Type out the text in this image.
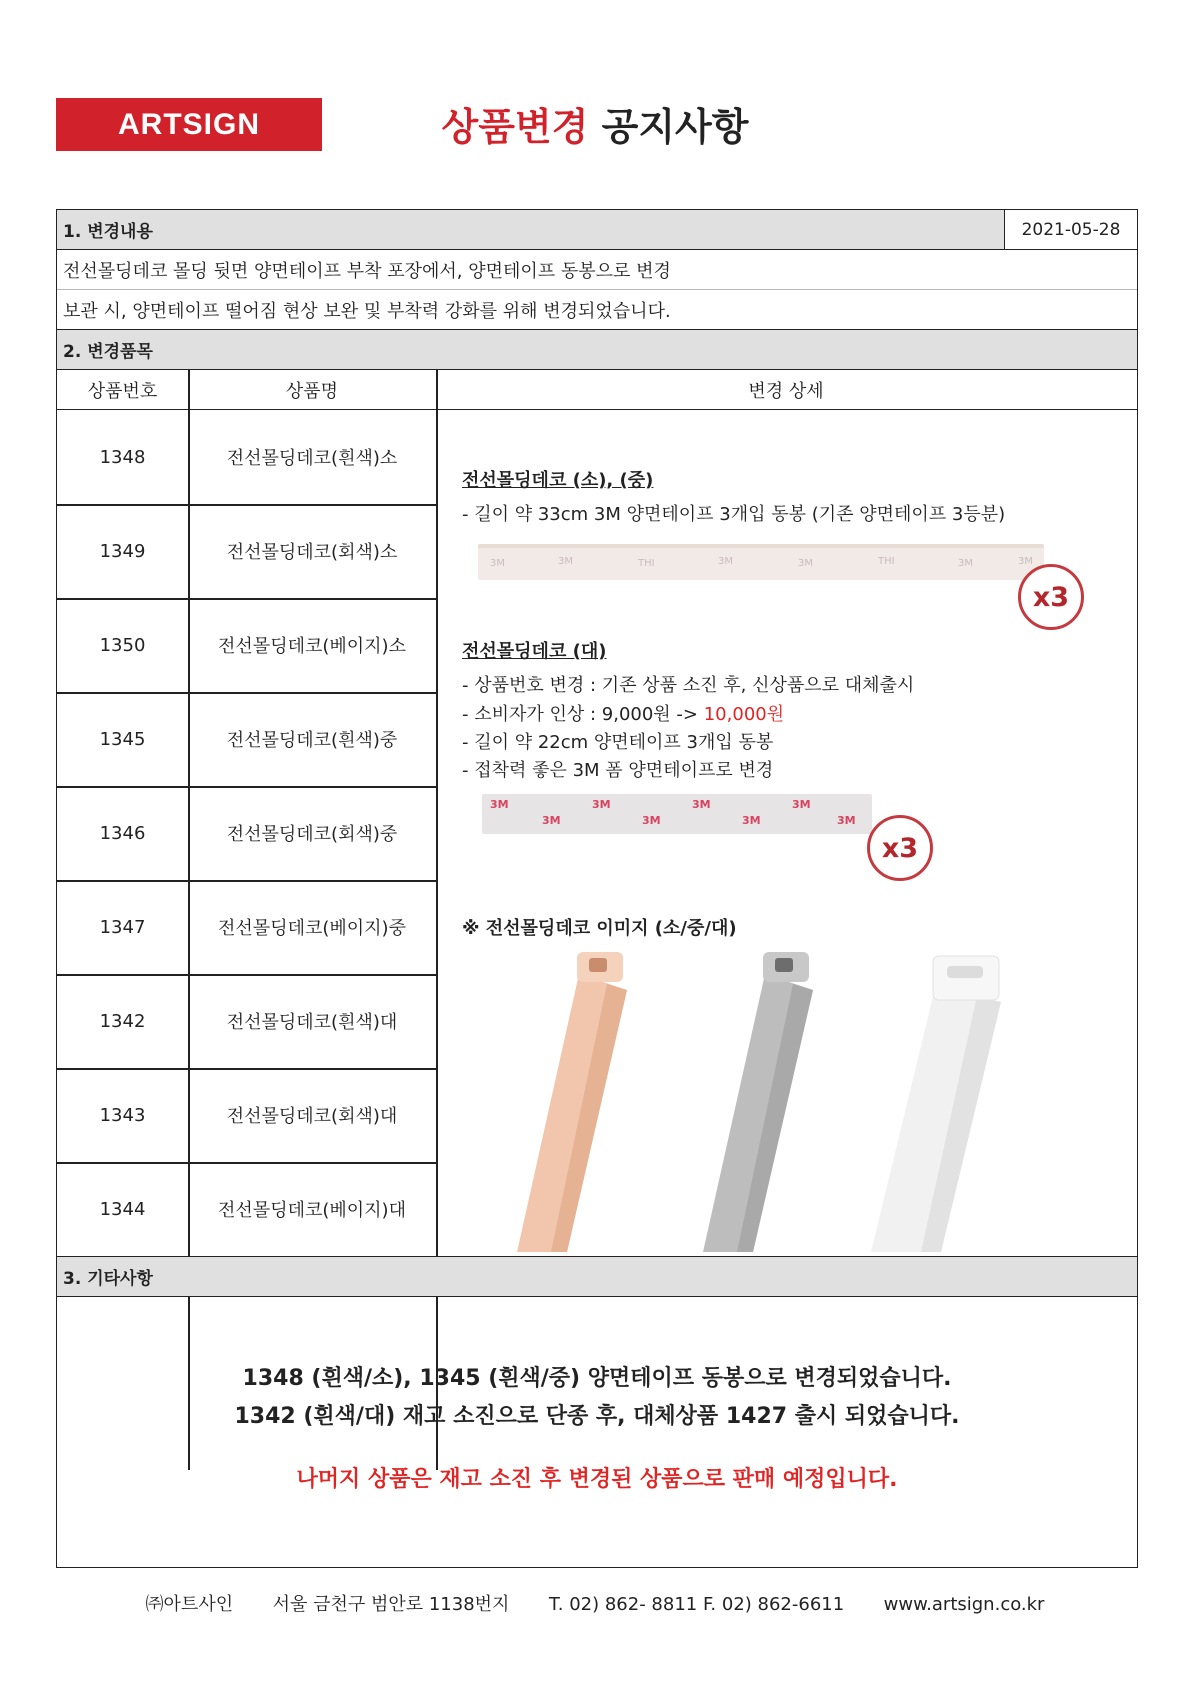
ARTSIGN	상품변경 공지사항
1. 변경내용	2021-05-28
전선몰딩데코 몰딩 뒷면 양면테이프 부착 포장에서, 양면테이프 동봉으로 변경
보관 시, 양면테이프 떨어짐 현상 보완 및 부착력 강화를 위해 변경되었습니다.
2. 변경품목
상품번호	상품명	변경 상세
1348	전선몰딩데코(흰색)소
1349	전선몰딩데코(회색)소
1350	전선몰딩데코(베이지)소
1345	전선몰딩데코(흰색)중
1346	전선몰딩데코(회색)중
1347	전선몰딩데코(베이지)중
1342	전선몰딩데코(흰색)대
1343	전선몰딩데코(회색)대
1344	전선몰딩데코(베이지)대
전선몰딩데코 (소), (중)
- 길이 약 33cm 3M 양면테이프 3개입 동봉 (기존 양면테이프 3등분)
3M	3M	THI	3M	3M	THI	3M	3M
x3
전선몰딩데코 (대)
- 상품번호 변경 : 기존 상품 소진 후, 신상품으로 대체출시
- 소비자가 인상 : 9,000원 -> 10,000원
- 길이 약 22cm 양면테이프 3개입 동봉
- 접착력 좋은 3M 폼 양면테이프로 변경
3M
3M
3M
3M
3M
3M
3M
3M
x3
※ 전선몰딩데코 이미지 (소/중/대)
3. 기타사항
1348 (흰색/소), 1345 (흰색/중) 양면테이프 동봉으로 변경되었습니다.
1342 (흰색/대) 재고 소진으로 단종 후, 대체상품 1427 출시 되었습니다.
나머지 상품은 재고 소진 후 변경된 상품으로 판매 예정입니다.
㈜아트사인 서울 금천구 범안로 1138번지 T. 02) 862- 8811 F. 02) 862-6611 www.artsign.co.kr
